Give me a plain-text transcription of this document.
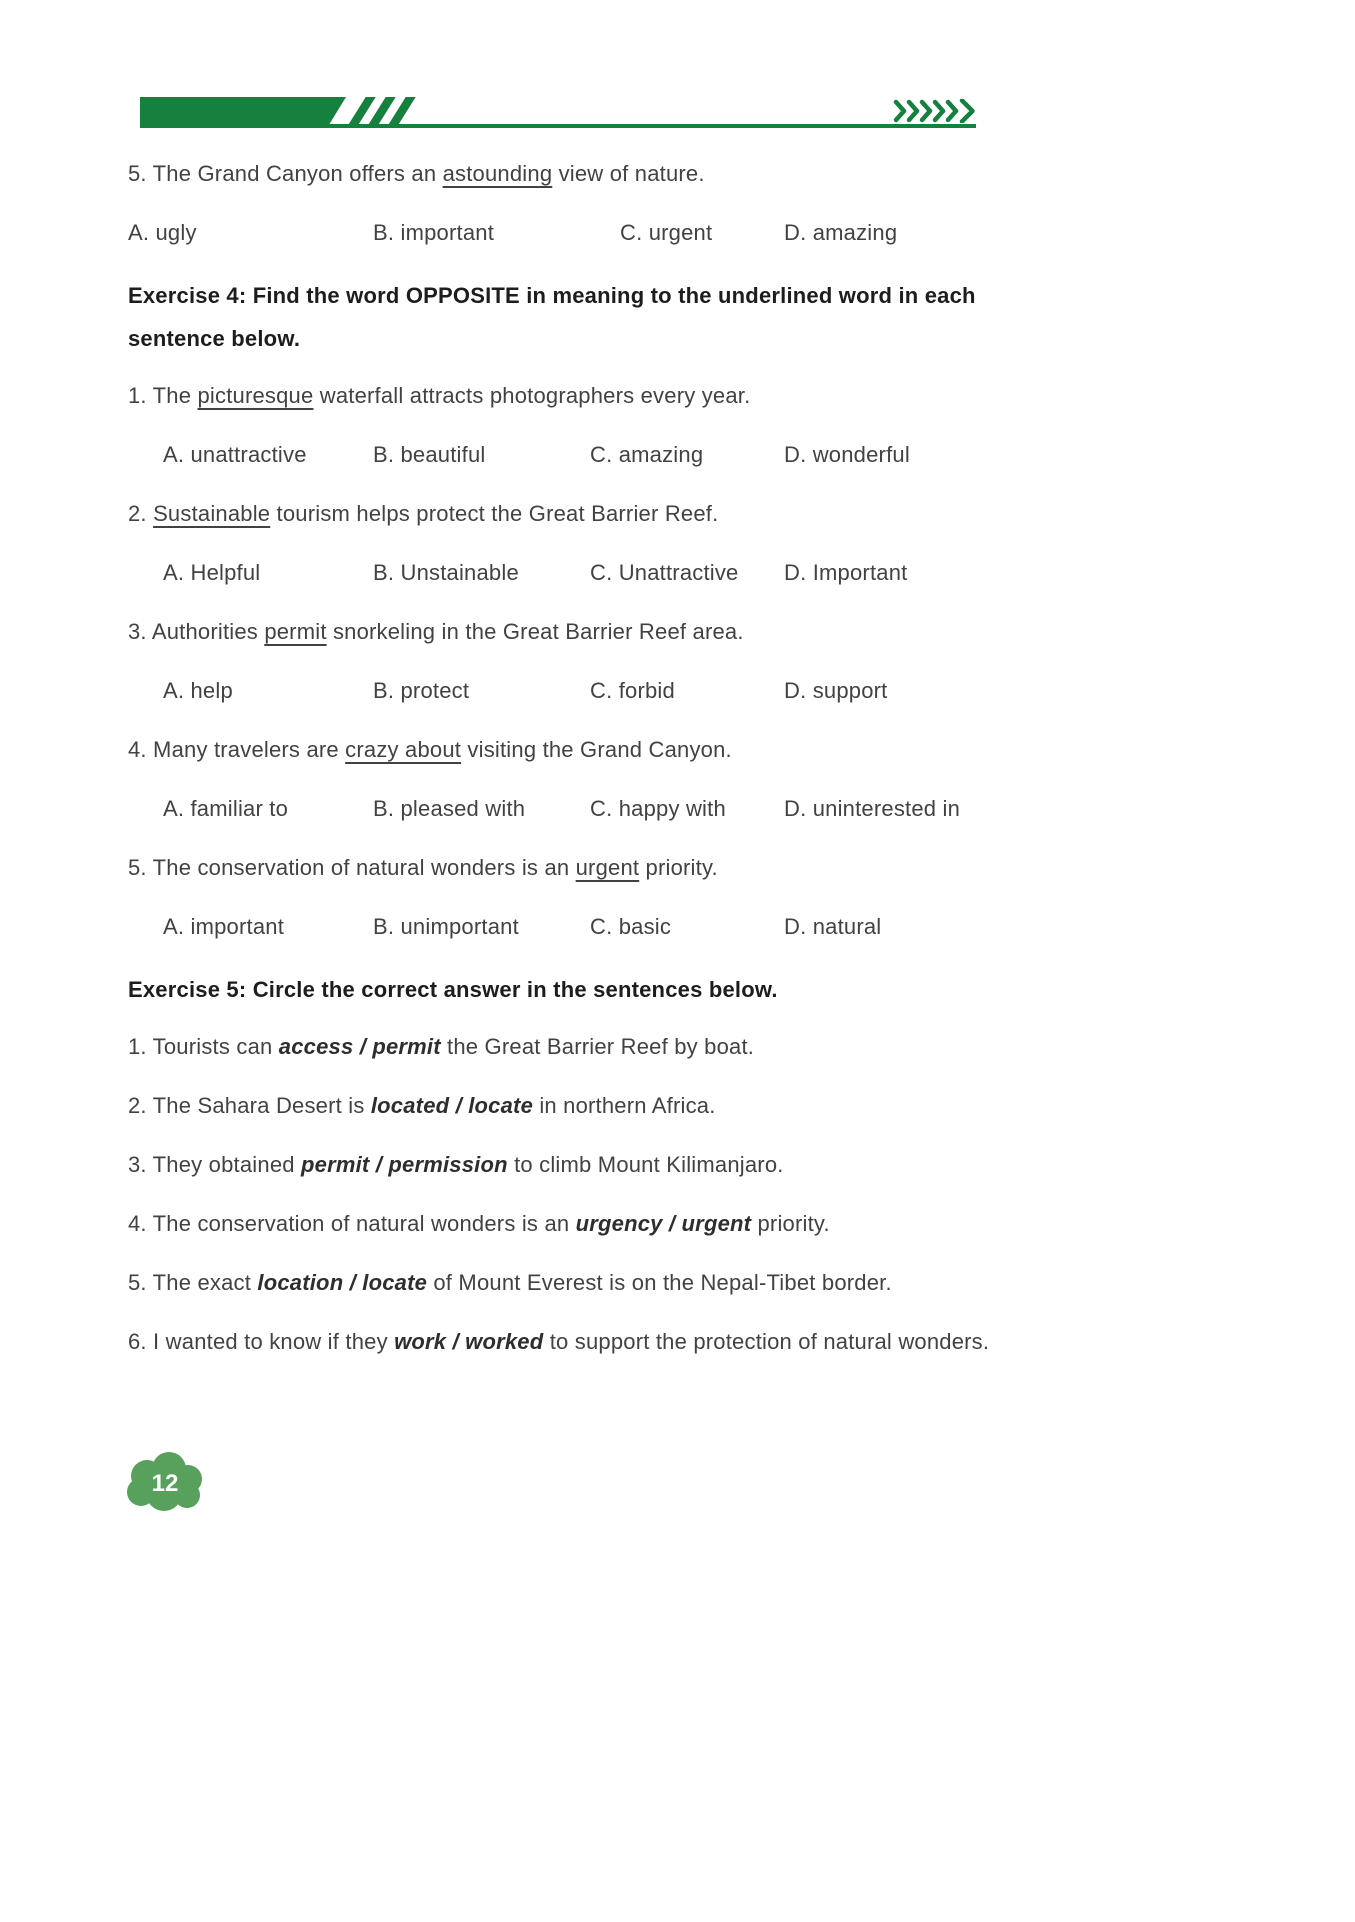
5. The Grand Canyon offers an astounding view of nature.

A. ugly	B. important	C. urgent	D. amazing

Exercise 4: Find the word OPPOSITE in meaning to the underlined word in each sentence below.

1. The picturesque waterfall attracts photographers every year.

A. unattractive	B. beautiful	C. amazing	D. wonderful

2. Sustainable tourism helps protect the Great Barrier Reef.

A. Helpful	B. Unstainable	C. Unattractive	D. Important

3. Authorities permit snorkeling in the Great Barrier Reef area.

A. help	B. protect	C. forbid	D. support

4. Many travelers are crazy about visiting the Grand Canyon.

A. familiar to	B. pleased with	C. happy with	D. uninterested in

5. The conservation of natural wonders is an urgent priority.

A. important	B. unimportant	C. basic	D. natural

Exercise 5: Circle the correct answer in the sentences below.

1. Tourists can access / permit the Great Barrier Reef by boat.

2. The Sahara Desert is located / locate in northern Africa.

3. They obtained permit / permission to climb Mount Kilimanjaro.

4. The conservation of natural wonders is an urgency / urgent priority.

5. The exact location / locate of Mount Everest is on the Nepal-Tibet border.

6. I wanted to know if they work / worked to support the protection of natural wonders.

12
